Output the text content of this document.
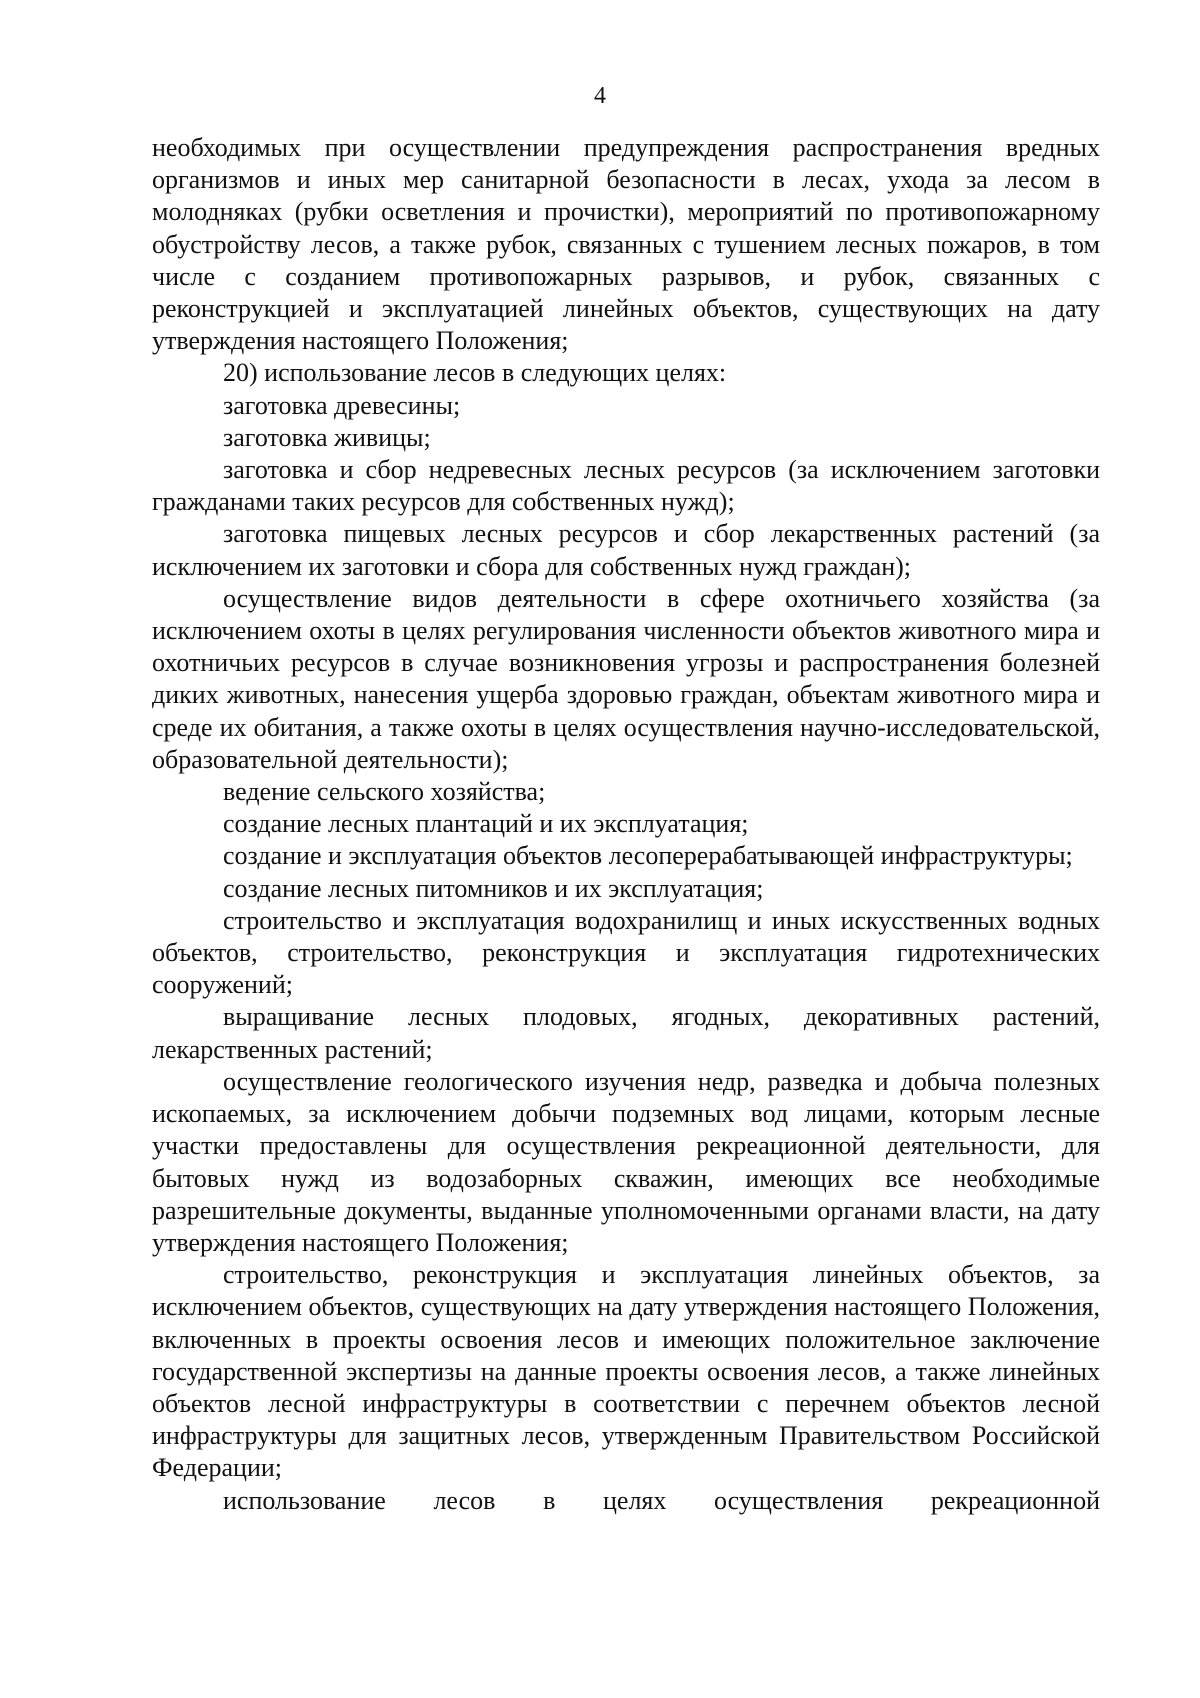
4

необходимых при осуществлении предупреждения распространения вредных организмов и иных мер санитарной безопасности в лесах, ухода за лесом в молодняках (рубки осветления и прочистки), мероприятий по противопожарному обустройству лесов, а также рубок, связанных с тушением лесных пожаров, в том числе с созданием противопожарных разрывов, и рубок, связанных с реконструкцией и эксплуатацией линейных объектов, существующих на дату утверждения настоящего Положения;

20) использование лесов в следующих целях:

заготовка древесины;

заготовка живицы;

заготовка и сбор недревесных лесных ресурсов (за исключением заготовки гражданами таких ресурсов для собственных нужд);

заготовка пищевых лесных ресурсов и сбор лекарственных растений (за исключением их заготовки и сбора для собственных нужд граждан);

осуществление видов деятельности в сфере охотничьего хозяйства (за исключением охоты в целях регулирования численности объектов животного мира и охотничьих ресурсов в случае возникновения угрозы и распространения болезней диких животных, нанесения ущерба здоровью граждан, объектам животного мира и среде их обитания, а также охоты в целях осуществления научно-исследовательской, образовательной деятельности);

ведение сельского хозяйства;

создание лесных плантаций и их эксплуатация;

создание и эксплуатация объектов лесоперерабатывающей инфраструктуры;

создание лесных питомников и их эксплуатация;

строительство и эксплуатация водохранилищ и иных искусственных водных объектов, строительство, реконструкция и эксплуатация гидротехнических сооружений;

выращивание лесных плодовых, ягодных, декоративных растений, лекарственных растений;

осуществление геологического изучения недр, разведка и добыча полезных ископаемых, за исключением добычи подземных вод лицами, которым лесные участки предоставлены для осуществления рекреационной деятельности, для бытовых нужд из водозаборных скважин, имеющих все необходимые разрешительные документы, выданные уполномоченными органами власти, на дату утверждения настоящего Положения;

строительство, реконструкция и эксплуатация линейных объектов, за исключением объектов, существующих на дату утверждения настоящего Положения, включенных в проекты освоения лесов и имеющих положительное заключение государственной экспертизы на данные проекты освоения лесов, а также линейных объектов лесной инфраструктуры в соответствии с перечнем объектов лесной инфраструктуры для защитных лесов, утвержденным Правительством Российской Федерации;

использование лесов в целях осуществления рекреационной
